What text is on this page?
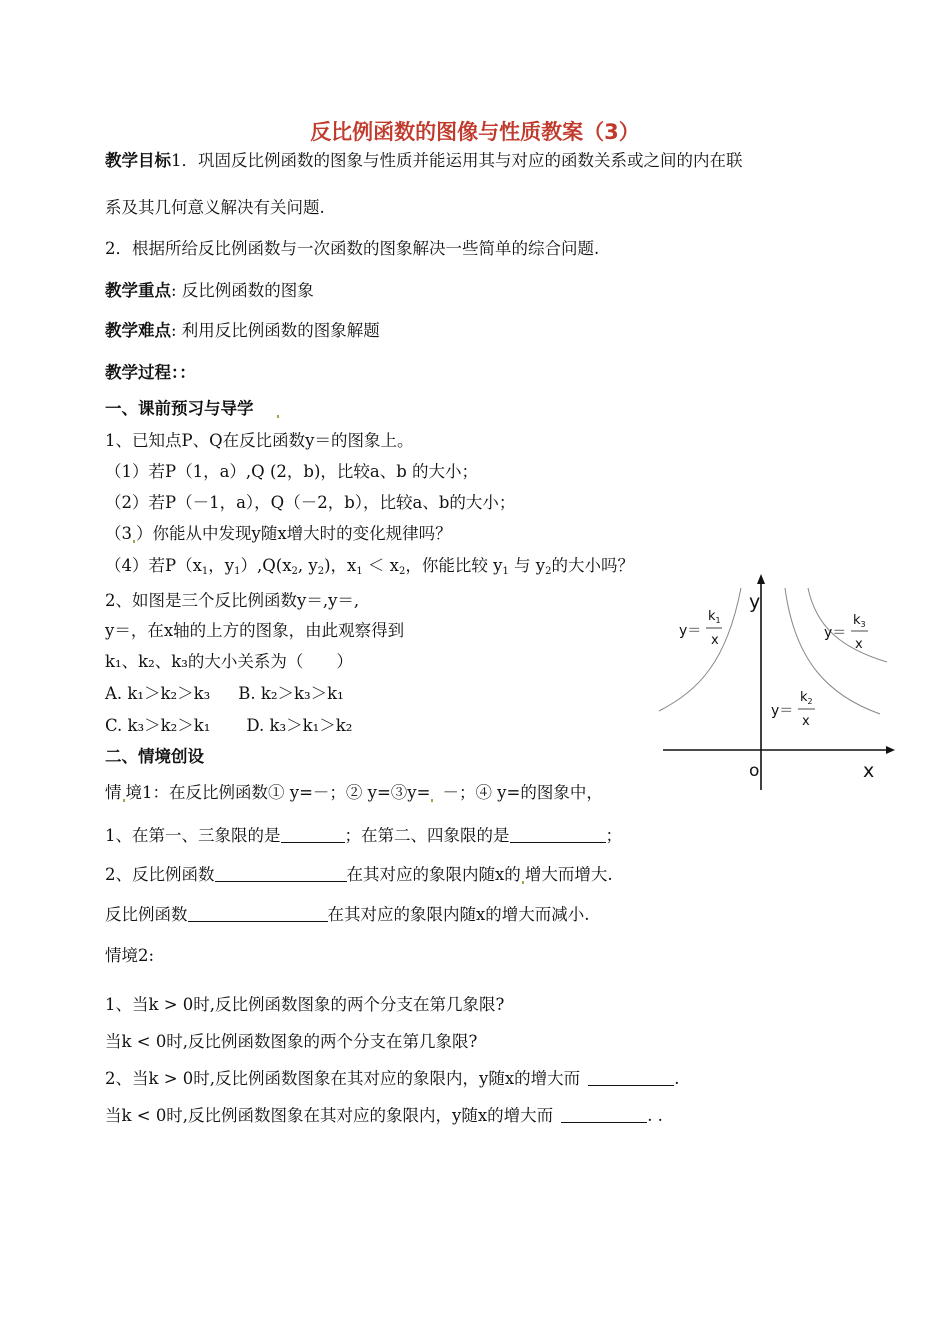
反比例函数的图像与性质教案（3）
教学目标1．巩固反比例函数的图象与性质并能运用其与对应的函数关系或之间的内在联
系及其几何意义解决有关问题.
2．根据所给反比例函数与一次函数的图象解决一些简单的综合问题.
教学重点: 反比例函数的图象
教学难点: 利用反比例函数的图象解题
教学过程：：
一、课前预习与导学
1、已知点P、Q在反比函数y＝的图象上。
（1）若P（1，a）,Q (2，b)，比较a、b 的大小；
（2）若P（－1，a），Q（－2，b），比较a、b的大小；
（3 ）你能从中发现y随x增大时的变化规律吗？
（4）若$P(x_1$，$y_1),Q(x_2$, $y_2$)，$x_1 < x_2$，你能比较 $y_1$ 与 $y_2$的大小吗？
2、如图是三个反比例函数y＝,y＝,
y＝，在x轴的上方的图象，由此观察得到
k₁、k₂、k₃的大小关系为（　　）
A. k₁＞k₂＞k₃ B. k₂＞k₃＞k₁
C. k₃＞k₂＞k₁ D. k₃＞k₁＞k₂
二、情境创设
情 境1：在反比例函数① y=－；② y=③y= －；④ y=的图象中，
1、在第一、三象限的是	；在第二、四象限的是	；
2、反比例函数	在其对应的象限内随x的 增大而增大.
反比例函数	在其对应的象限内随x的增大而减小.
情境2:
1、当k > 0时,反比例函数图象的两个分支在第几象限?
当k < 0时,反比例函数图象的两个分支在第几象限?
2、当k > 0时,反比例函数图象在其对应的象限内，y随x的增大而	.
当k < 0时,反比例函数图象在其对应的象限内，y随x的增大而	. .
y
x
o
y＝
$k_1$
x	y＝
$k_3$
x
y＝
$k_2$
x
